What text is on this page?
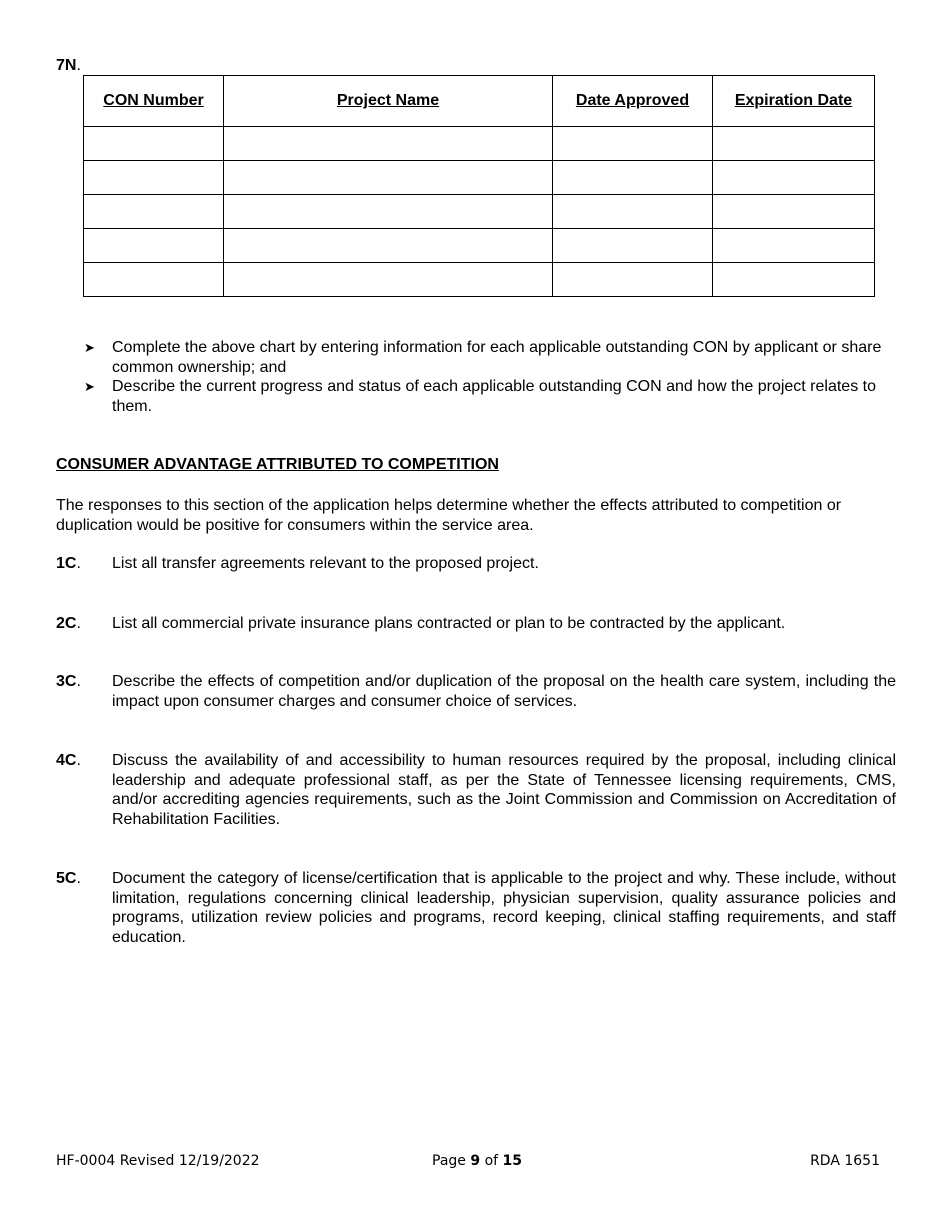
7N.
CON Number	Project Name	Date Approved	Expiration Date

➤ Complete the above chart by entering information for each applicable outstanding CON by applicant or share common ownership; and
➤ Describe the current progress and status of each applicable outstanding CON and how the project relates to them.
CONSUMER ADVANTAGE ATTRIBUTED TO COMPETITION
The responses to this section of the application helps determine whether the effects attributed to competition or duplication would be positive for consumers within the service area.
1C. List all transfer agreements relevant to the proposed project.
2C. List all commercial private insurance plans contracted or plan to be contracted by the applicant.
3C. Describe the effects of competition and/or duplication of the proposal on the health care system, including the impact upon consumer charges and consumer choice of services.
4C. Discuss the availability of and accessibility to human resources required by the proposal, including clinical leadership and adequate professional staff, as per the State of Tennessee licensing requirements, CMS, and/or accrediting agencies requirements, such as the Joint Commission and Commission on Accreditation of Rehabilitation Facilities.
5C. Document the category of license/certification that is applicable to the project and why. These include, without limitation, regulations concerning clinical leadership, physician supervision, quality assurance policies and programs, utilization review policies and programs, record keeping, clinical staffing requirements, and staff education.
HF-0004 Revised 12/19/2022	Page 9 of 15	RDA 1651
